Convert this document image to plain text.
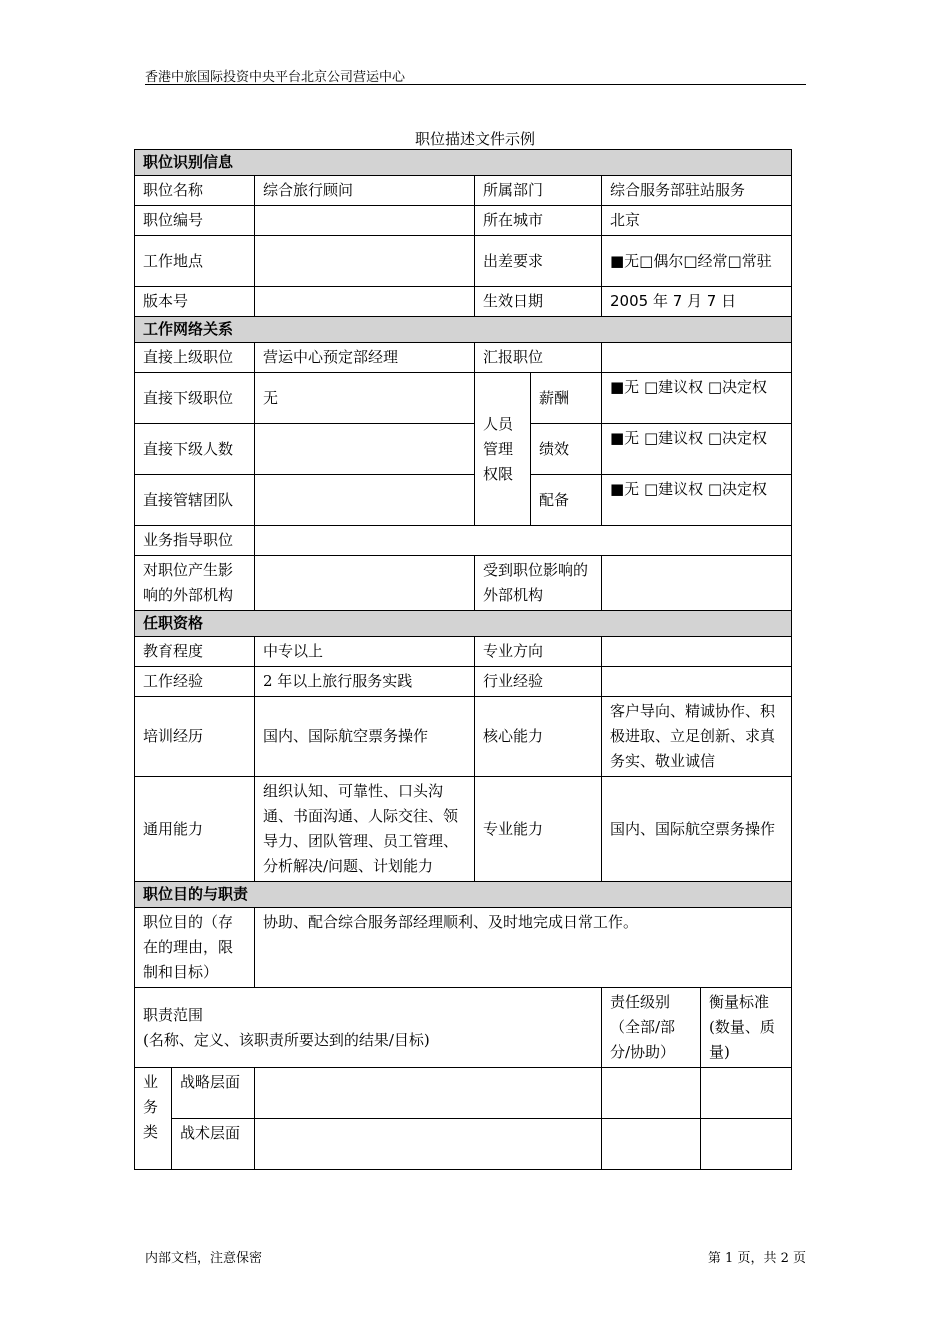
香港中旅国际投资中央平台北京公司营运中心
职位描述文件示例
职位识别信息						
职位名称		综合旅行顾问	所属部门		综合服务部驻站服务	
职位编号			所在城市		北京	
工作地点			出差要求		■无□偶尔□经常□常驻	
版本号			生效日期		2005 年 7 月 7 日	
工作网络关系						
直接上级职位		营运中心预定部经理	汇报职位			
直接下级职位		无	人员管理权限	薪酬	■无 □建议权 □决定权	
直接下级人数				绩效	■无 □建议权 □决定权	
直接管辖团队				配备	■无 □建议权 □决定权	
业务指导职位						
对职位产生影响的外部机构			受到职位影响的外部机构			
任职资格						
教育程度		中专以上	专业方向			
工作经验		2 年以上旅行服务实践	行业经验			
培训经历		国内、国际航空票务操作	核心能力		客户导向、精诚协作、积极进取、立足创新、求真务实、敬业诚信	
通用能力		组织认知、可靠性、口头沟通、书面沟通、人际交往、领导力、团队管理、员工管理、分析解决/问题、计划能力	专业能力		国内、国际航空票务操作	
职位目的与职责						
职位目的（存在的理由，限制和目标）		协助、配合综合服务部经理顺利、及时地完成日常工作。				

职责范围
(名称、定义、该职责所要达到的结果/目标)					责任级别（全部/部分/协助）	衡量标准(数量、质量)
业务类	战略层面					
	战术层面					
内部文档，注意保密	第 1 页，共 2 页
